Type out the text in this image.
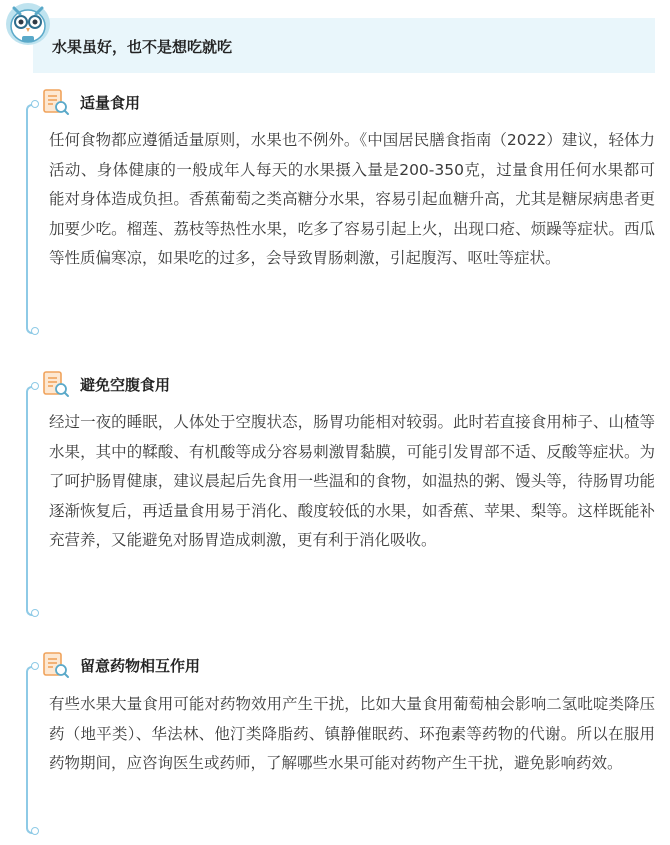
水果虽好，也不是想吃就吃
适量食用

任何食物都应遵循适量原则，水果也不例外。《中国居民膳食指南（2022）建议，轻体力活动、身体健康的一般成年人每天的水果摄入量是200-350克，过量食用任何水果都可能对身体造成负担。香蕉葡萄之类高糖分水果，容易引起血糖升高，尤其是糖尿病患者更加要少吃。榴莲、荔枝等热性水果，吃多了容易引起上火，出现口疮、烦躁等症状。西瓜等性质偏寒凉，如果吃的过多，会导致胃肠刺激，引起腹泻、呕吐等症状。

避免空腹食用

经过一夜的睡眠，人体处于空腹状态，肠胃功能相对较弱。此时若直接食用柿子、山楂等水果，其中的鞣酸、有机酸等成分容易刺激胃黏膜，可能引发胃部不适、反酸等症状。为了呵护肠胃健康，建议晨起后先食用一些温和的食物，如温热的粥、馒头等，待肠胃功能逐渐恢复后，再适量食用易于消化、酸度较低的水果，如香蕉、苹果、梨等。这样既能补充营养，又能避免对肠胃造成刺激，更有利于消化吸收。

留意药物相互作用

有些水果大量食用可能对药物效用产生干扰，比如大量食用葡萄柚会影响二氢吡啶类降压药（地平类）、华法林、他汀类降脂药、镇静催眠药、环孢素等药物的代谢。所以在服用药物期间，应咨询医生或药师，了解哪些水果可能对药物产生干扰，避免影响药效。
